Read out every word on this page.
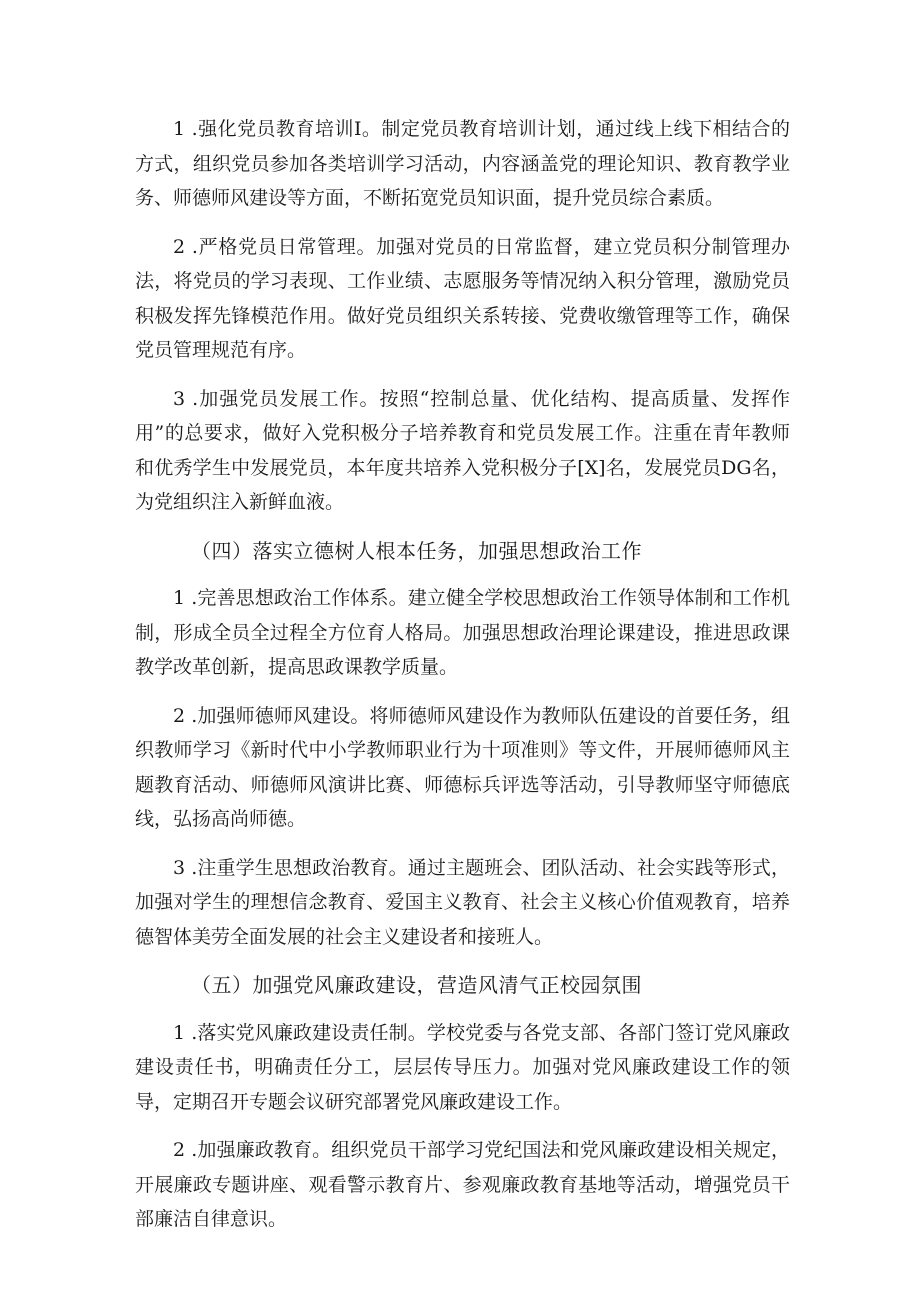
1 .强化党员教育培训I。制定党员教育培训计划，通过线上线下相结合的方式，组织党员参加各类培训学习活动，内容涵盖党的理论知识、教育教学业务、师德师风建设等方面，不断拓宽党员知识面，提升党员综合素质。

2 .严格党员日常管理。加强对党员的日常监督，建立党员积分制管理办法，将党员的学习表现、工作业绩、志愿服务等情况纳入积分管理，激励党员积极发挥先锋模范作用。做好党员组织关系转接、党费收缴管理等工作，确保党员管理规范有序。

3 .加强党员发展工作。按照“控制总量、优化结构、提高质量、发挥作用”的总要求，做好入党积极分子培养教育和党员发展工作。注重在青年教师和优秀学生中发展党员，本年度共培养入党积极分子[X]名，发展党员DG名，为党组织注入新鲜血液。

（四）落实立德树人根本任务，加强思想政治工作

1 .完善思想政治工作体系。建立健全学校思想政治工作领导体制和工作机制，形成全员全过程全方位育人格局。加强思想政治理论课建设，推进思政课教学改革创新，提高思政课教学质量。

2 .加强师德师风建设。将师德师风建设作为教师队伍建设的首要任务，组织教师学习《新时代中小学教师职业行为十项准则》等文件，开展师德师风主题教育活动、师德师风演讲比赛、师德标兵评选等活动，引导教师坚守师德底线，弘扬高尚师德。

3 .注重学生思想政治教育。通过主题班会、团队活动、社会实践等形式，加强对学生的理想信念教育、爱国主义教育、社会主义核心价值观教育，培养德智体美劳全面发展的社会主义建设者和接班人。

（五）加强党风廉政建设，营造风清气正校园氛围

1 .落实党风廉政建设责任制。学校党委与各党支部、各部门签订党风廉政建设责任书，明确责任分工，层层传导压力。加强对党风廉政建设工作的领导，定期召开专题会议研究部署党风廉政建设工作。

2 .加强廉政教育。组织党员干部学习党纪国法和党风廉政建设相关规定，开展廉政专题讲座、观看警示教育片、参观廉政教育基地等活动，增强党员干部廉洁自律意识。
